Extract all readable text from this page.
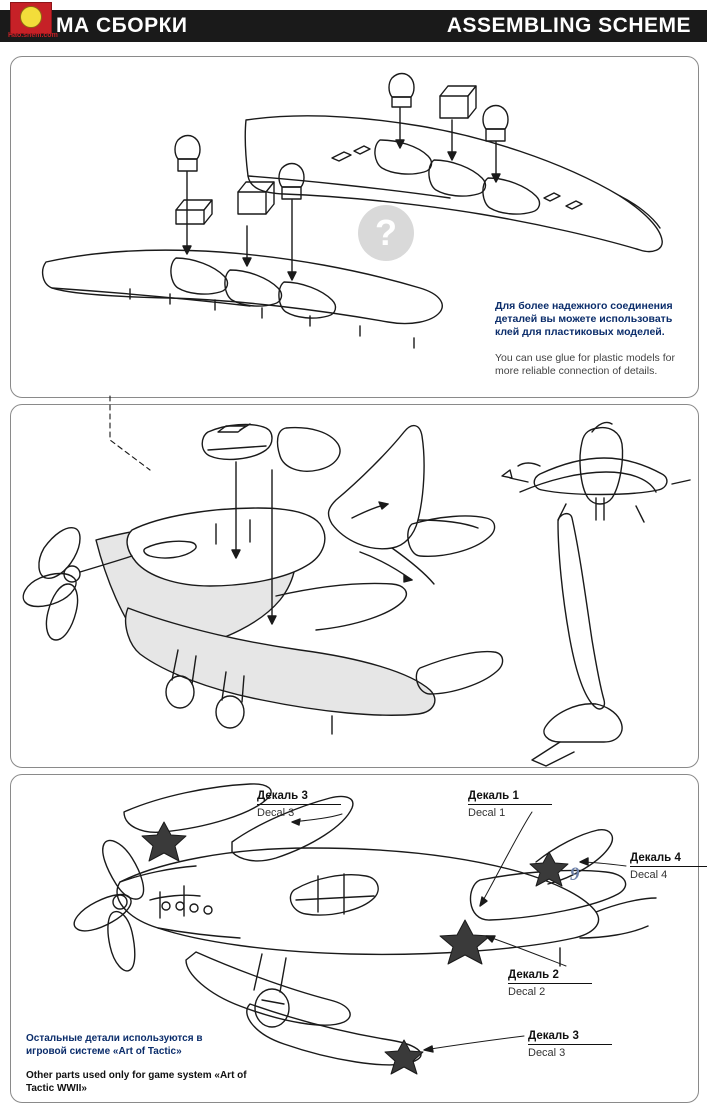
МА СБОРКИ	ASSEMBLING SCHEME
Hao.shem.com
9
?
Для более надежного соединения деталей вы можете использовать клей для пластиковых моделей.
You can use glue for plastic models for more reliable connection of details.
Декаль 3
Decal 3
Декаль 1
Decal 1
Декаль 4
Decal 4
Декаль 2
Decal 2
Декаль 3
Decal 3
Остальные детали используются в игровой системе «Art of Tactic»
Other parts used only for game system «Art of Tactic WWII»
